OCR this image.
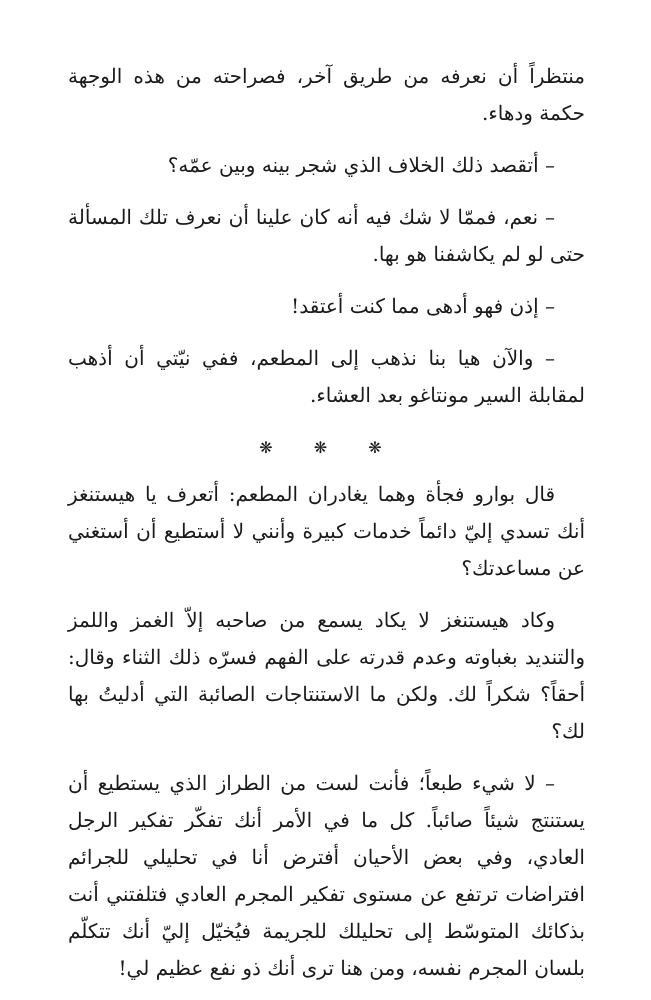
منتظراً أن نعرفه من طريق آخر، فصراحته من هذه الوجهة حكمة ودهاء.

– أتقصد ذلك الخلاف الذي شجر بينه وبين عمّه؟

– نعم، فممّا لا شك فيه أنه كان علينا أن نعرف تلك المسألة حتى لو لم يكاشفنا هو بها.

– إذن فهو أدهى مما كنت أعتقد!

– والآن هيا بنا نذهب إلى المطعم، ففي نيّتي أن أذهب لمقابلة السير مونتاغو بعد العشاء.

❋ ❋ ❋

قال بوارو فجأة وهما يغادران المطعم: أتعرف يا هيستنغز أنك تسدي إليّ دائماً خدمات كبيرة وأنني لا أستطيع أن أستغني عن مساعدتك؟

وكاد هيستنغز لا يكاد يسمع من صاحبه إلاّ الغمز واللمز والتنديد بغباوته وعدم قدرته على الفهم فسرّه ذلك الثناء وقال: أحقاً؟ شكراً لك. ولكن ما الاستنتاجات الصائبة التي أدليتُ بها لك؟

– لا شيء طبعاً؛ فأنت لست من الطراز الذي يستطيع أن يستنتج شيئاً صائباً. كل ما في الأمر أنك تفكّر تفكير الرجل العادي، وفي بعض الأحيان أفترض أنا في تحليلي للجرائم افتراضات ترتفع عن مستوى تفكير المجرم العادي فتلفتني أنت بذكائك المتوسّط إلى تحليلك للجريمة فيُخيّل إليّ أنك تتكلّم بلسان المجرم نفسه، ومن هنا ترى أنك ذو نفع عظيم لي!
